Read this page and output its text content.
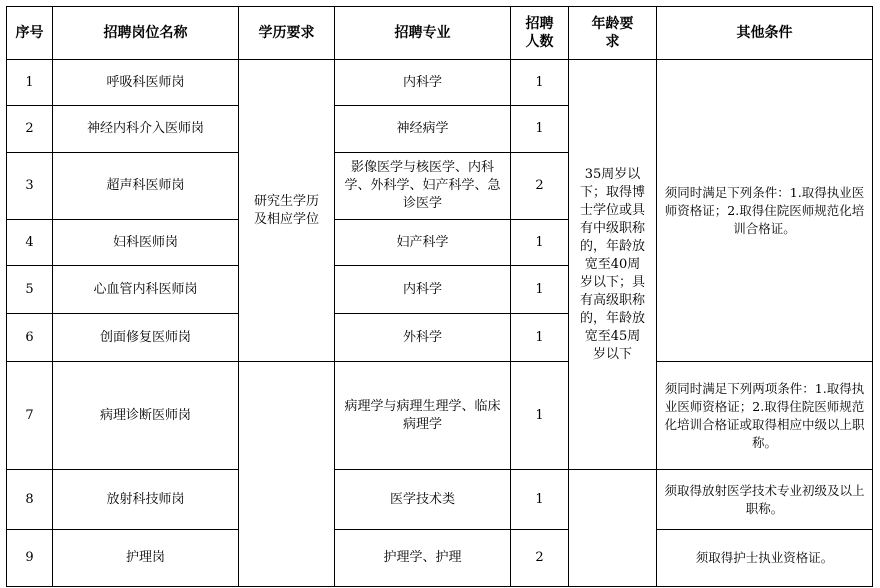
序号	招聘岗位名称	学历要求	招聘专业	招聘人数	年龄要求	其他条件
1	呼吸科医师岗	研究生学历及相应学位	内科学	1	35周岁以下；取得博士学位或具有中级职称的，年龄放宽至40周岁以下；具有高级职称的，年龄放宽至45周岁以下	须同时满足下列条件：1.取得执业医师资格证；2.取得住院医师规范化培训合格证。
2	神经内科介入医师岗		神经病学	1		
3	超声科医师岗		影像医学与核医学、内科学、外科学、妇产科学、急诊医学	2		
4	妇科医师岗		妇产科学	1		
5	心血管内科医师岗		内科学	1		
6	创面修复医师岗		外科学	1		
7	病理诊断医师岗		病理学与病理生理学、临床病理学	1		须同时满足下列两项条件：1.取得执业医师资格证；2.取得住院医师规范化培训合格证或取得相应中级以上职称。
8	放射科技师岗		医学技术类	1		须取得放射医学技术专业初级及以上职称。
9	护理岗		护理学、护理	2		须取得护士执业资格证。
